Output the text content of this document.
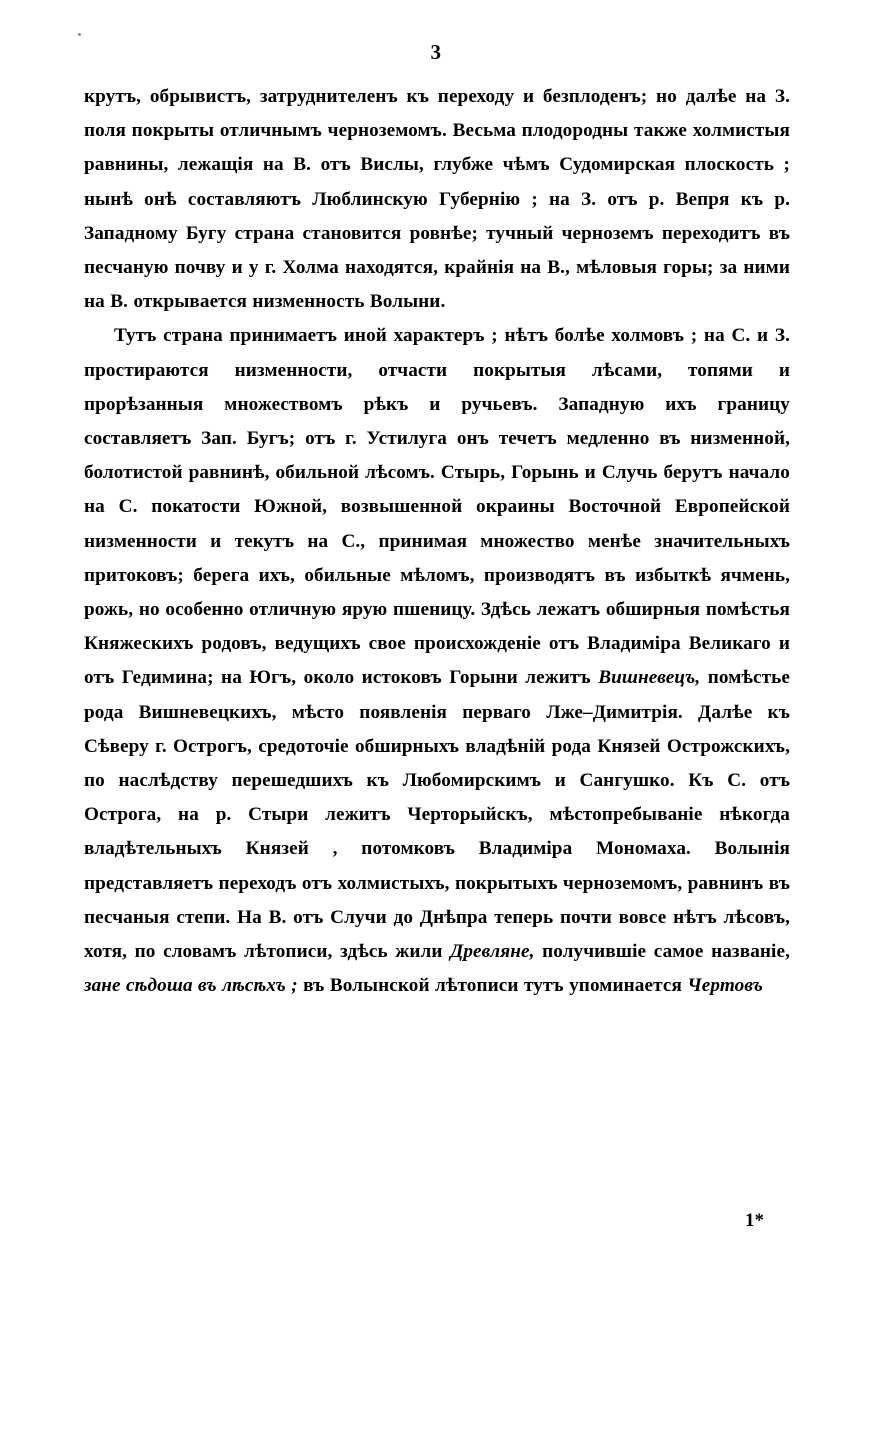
3

крутъ, обрывистъ, затруднителенъ къ переходу и безплоденъ; но далѣе на З. поля покрыты отличнымъ черноземомъ. Весьма плодородны также холмистыя равнины, лежащія на В. отъ Вислы, глубже чѣмъ Судомирская плоскость ; нынѣ онѣ составляютъ Люблинскую Губернію ; на З. отъ р. Вепря къ р. Западному Бугу страна становится ровнѣе; тучный черноземъ переходитъ въ песчаную почву и у г. Холма находятся, крайнія на В., мѣловыя горы; за ними на В. открывается низменность Волыни.

Тутъ страна принимаетъ иной характеръ ; нѣтъ болѣе холмовъ ; на С. и З. простираются низменности, отчасти покрытыя лѣсами, топями и прорѣзанныя множествомъ рѣкъ и ручьевъ. Западную ихъ границу составляетъ Зап. Бугъ; отъ г. Устилуга онъ течетъ медленно въ низменной, болотистой равнинѣ, обильной лѣсомъ. Стырь, Горынь и Случь берутъ начало на С. покатости Южной, возвышенной окраины Восточной Европейской низменности и текутъ на С., принимая множество менѣе значительныхъ притоковъ; берега ихъ, обильные мѣломъ, производятъ въ избыткѣ ячмень, рожь, но особенно отличную ярую пшеницу. Здѣсь лежатъ обширныя помѣстья Княжескихъ родовъ, ведущихъ свое происхожденіе отъ Владиміра Великаго и отъ Гедимина; на Югъ, около истоковъ Горыни лежитъ Вишневецъ, помѣстье рода Вишневецкихъ, мѣсто появленія перваго Лже–Димитрія. Далѣе къ Сѣверу г. Острогъ, средоточіе обширныхъ владѣній рода Князей Острожскихъ, по наслѣдству перешедшихъ къ Любомирскимъ и Сангушко. Къ С. отъ Острога, на р. Стыри лежитъ Черторыйскъ, мѣстопребываніе нѣкогда владѣтельныхъ Князей , потомковъ Владиміра Мономаха. Волынія представляетъ переходъ отъ холмистыхъ, покрытыхъ черноземомъ, равнинъ въ песчаныя степи. На В. отъ Случи до Днѣпра теперь почти вовсе нѣтъ лѣсовъ, хотя, по словамъ лѣтописи, здѣсь жили Древляне, получившіе самое названіе, зане сѣдоша въ лѣсѣхъ ; въ Волынской лѣтописи тутъ упоминается Чертовъ

1*
